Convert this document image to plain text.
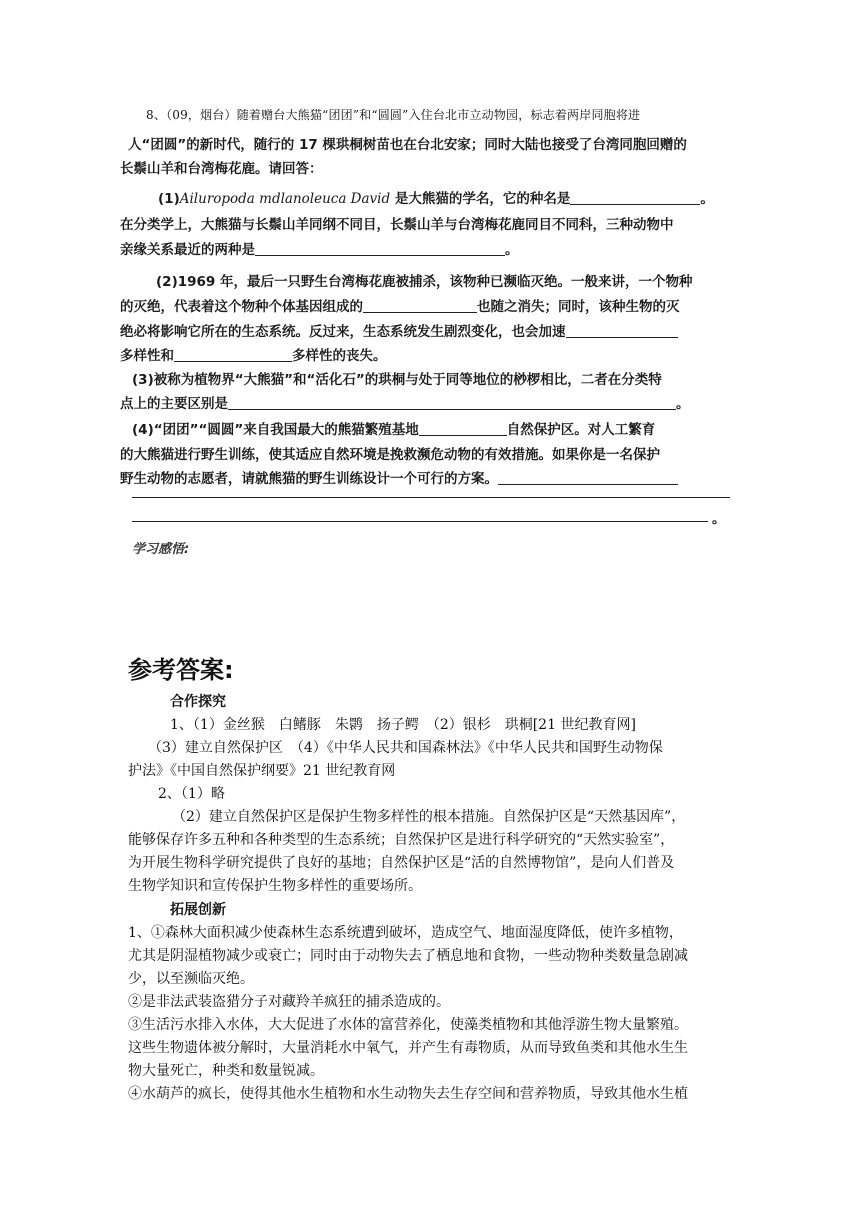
8、（09，烟台）随着赠台大熊猫“团团”和“圆圆”入住台北市立动物园，标志着两岸同胞将进
人“团圆”的新时代，随行的 17 棵珙桐树苗也在台北安家；同时大陆也接受了台湾同胞回赠的
长鬃山羊和台湾梅花鹿。请回答：
(1)Ailuropoda mdlanoleuca David 是大熊猫的学名，它的种名是	。
在分类学上，大熊猫与长鬃山羊同纲不同目，长鬃山羊与台湾梅花鹿同目不同科，三种动物中
亲缘关系最近的两种是	。
(2)1969 年，最后一只野生台湾梅花鹿被捕杀，该物种已濒临灭绝。一般来讲，一个物种
的灭绝，代表着这个物种个体基因组成的	也随之消失；同时，该种生物的灭
绝必将影响它所在的生态系统。反过来，生态系统发生剧烈变化，也会加速
多样性和	多样性的丧失。
(3)被称为植物界“大熊猫”和“活化石”的珙桐与处于同等地位的桫椤相比，二者在分类特
点上的主要区别是	。
(4)“团团”“圆圆”来自我国最大的熊猫繁殖基地	自然保护区。对人工繁育
的大熊猫进行野生训练，使其适应自然环境是挽救濒危动物的有效措施。如果你是一名保护
野生动物的志愿者，请就熊猫的野生训练设计一个可行的方案。
。
学习感悟:
参考答案:
合作探究
1、（1）金丝猴　白鳍豚　朱鹮　扬子鳄　（2）银杉　珙桐[21 世纪教育网]
（3）建立自然保护区　（4）《中华人民共和国森林法》《中华人民共和国野生动物保
护法》《中国自然保护纲要》21 世纪教育网
2、（1）略
（2）建立自然保护区是保护生物多样性的根本措施。自然保护区是“天然基因库”，
能够保存许多五种和各种类型的生态系统；自然保护区是进行科学研究的“天然实验室”，
为开展生物科学研究提供了良好的基地；自然保护区是“活的自然博物馆”，是向人们普及
生物学知识和宣传保护生物多样性的重要场所。
拓展创新
1、①森林大面积减少使森林生态系统遭到破坏，造成空气、地面湿度降低，使许多植物，
尤其是阴湿植物减少或衰亡；同时由于动物失去了栖息地和食物，一些动物种类数量急剧减
少，以至濒临灭绝。
②是非法武装盗猎分子对藏羚羊疯狂的捕杀造成的。
③生活污水排入水体，大大促进了水体的富营养化，使藻类植物和其他浮游生物大量繁殖。
这些生物遗体被分解时，大量消耗水中氧气，并产生有毒物质，从而导致鱼类和其他水生生
物大量死亡，种类和数量锐减。
④水葫芦的疯长，使得其他水生植物和水生动物失去生存空间和营养物质，导致其他水生植
